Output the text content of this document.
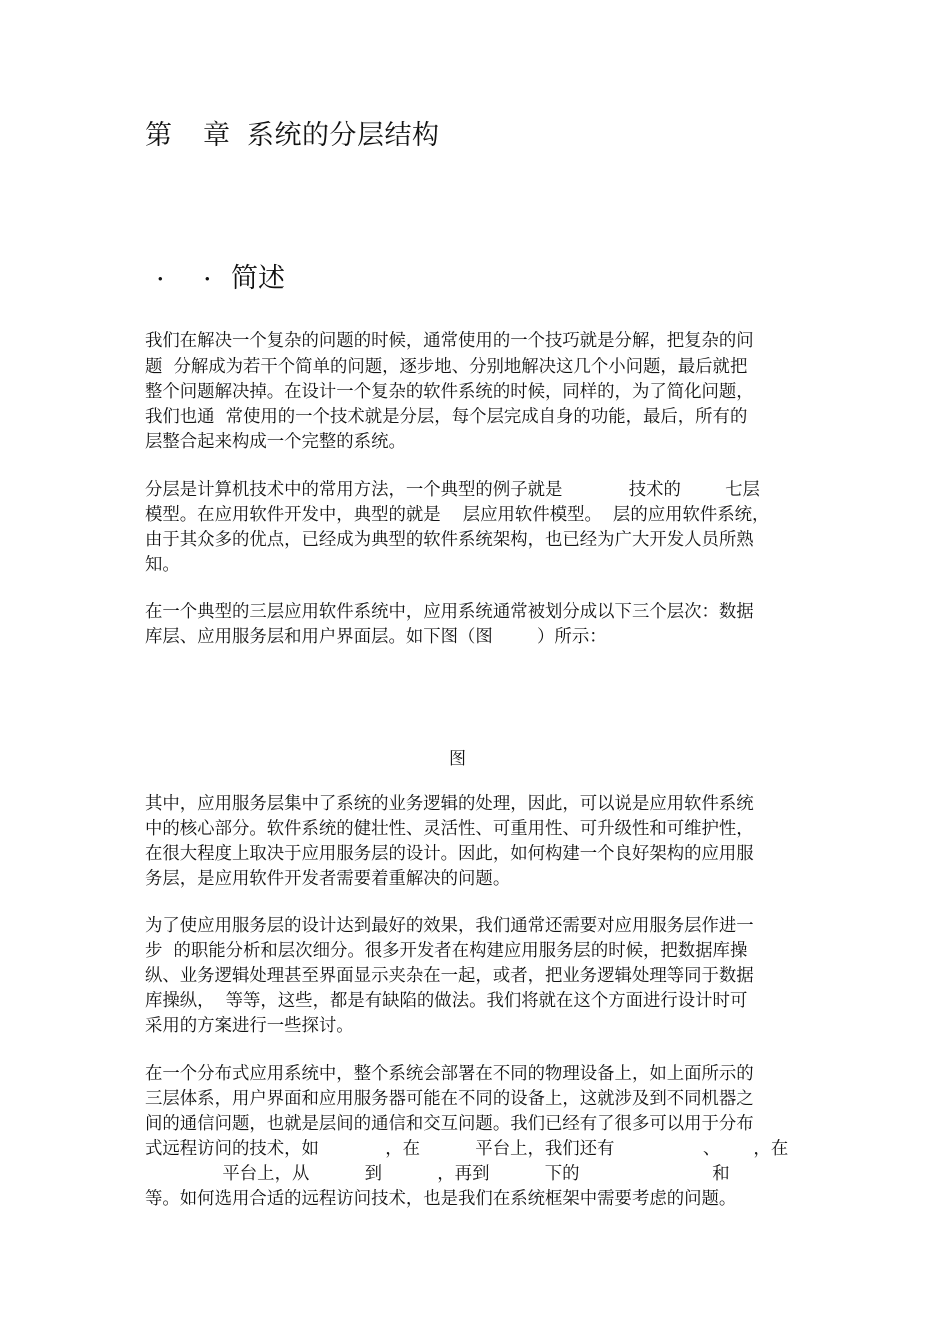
第 章 系统的分层结构
. . 简述
我们在解决一个复杂的问题的时候，通常使用的一个技巧就是分解，把复杂的问
题  分解成为若干个简单的问题，逐步地、分别地解决这几个小问题，最后就把
整个问题解决掉。在设计一个复杂的软件系统的时候，同样的，为了简化问题，
我们也通  常使用的一个技术就是分层，每个层完成自身的功能，最后，所有的
层整合起来构成一个完整的系统。
分层是计算机技术中的常用方法，一个典型的例子就是            技术的        七层
模型。在应用软件开发中，典型的就是    层应用软件模型。  层的应用软件系统，
由于其众多的优点，已经成为典型的软件系统架构，也已经为广大开发人员所熟
知。
在一个典型的三层应用软件系统中，应用系统通常被划分成以下三个层次：数据
库层、应用服务层和用户界面层。如下图（图        ）所示：
图
其中，应用服务层集中了系统的业务逻辑的处理，因此，可以说是应用软件系统
中的核心部分。软件系统的健壮性、灵活性、可重用性、可升级性和可维护性，
在很大程度上取决于应用服务层的设计。因此，如何构建一个良好架构的应用服
务层，是应用软件开发者需要着重解决的问题。
为了使应用服务层的设计达到最好的效果，我们通常还需要对应用服务层作进一
步  的职能分析和层次细分。很多开发者在构建应用服务层的时候，把数据库操
纵、业务逻辑处理甚至界面显示夹杂在一起，或者，把业务逻辑处理等同于数据
库操纵，  等等，这些，都是有缺陷的做法。我们将就在这个方面进行设计时可
采用的方案进行一些探讨。
在一个分布式应用系统中，整个系统会部署在不同的物理设备上，如上面所示的
三层体系，用户界面和应用服务器可能在不同的设备上，这就涉及到不同机器之
间的通信问题，也就是层间的通信和交互问题。我们已经有了很多可以用于分布
式远程访问的技术，如            ，在          平台上，我们还有                、      ，在
平台上，从          到          ，再到          下的                        和
等。如何选用合适的远程访问技术，也是我们在系统框架中需要考虑的问题。
